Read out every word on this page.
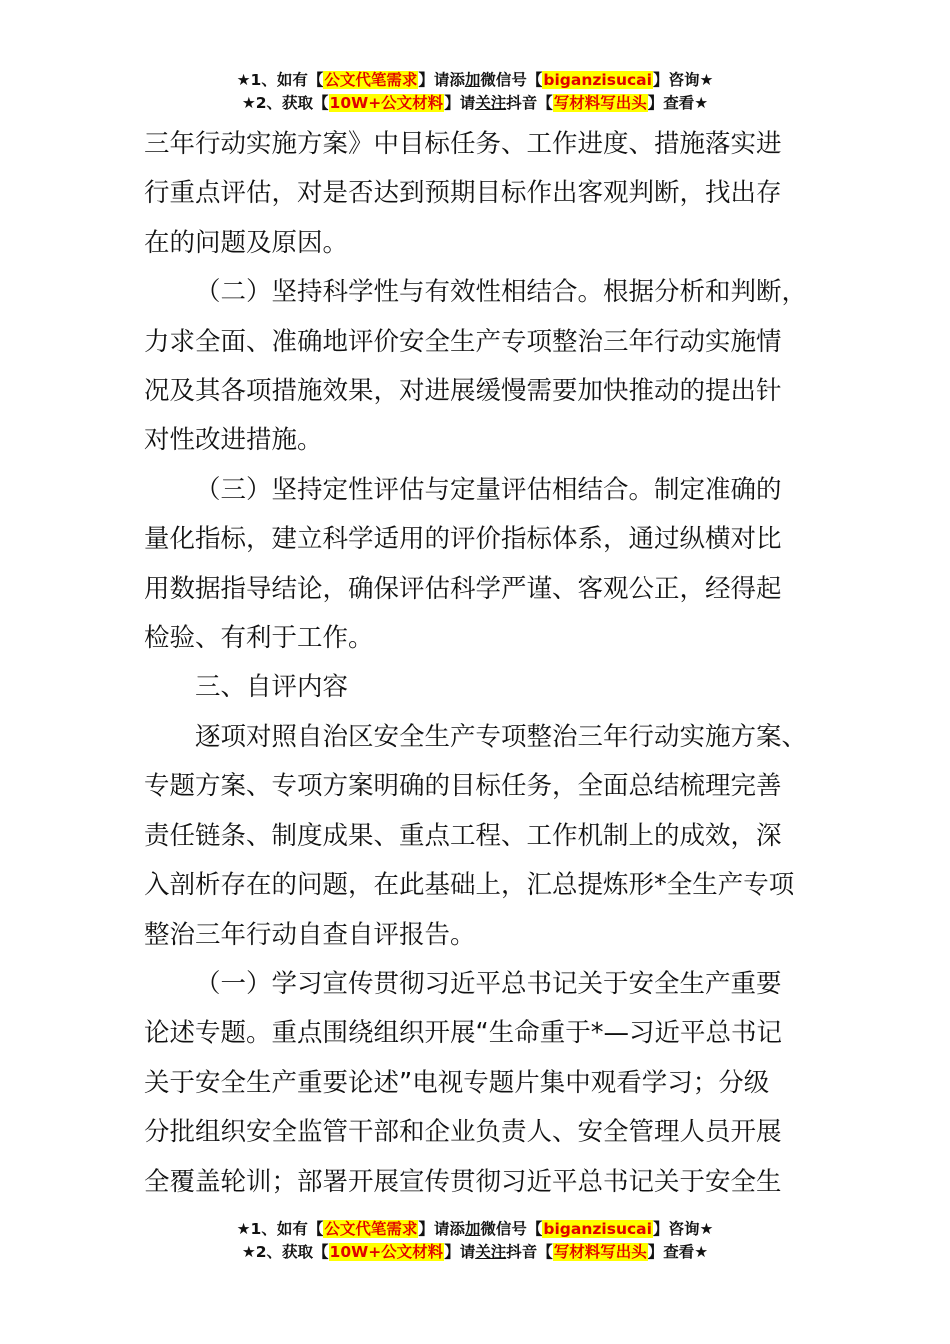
★1、如有【公文代笔需求】请添加微信号【biganzisucai】咨询★
★2、获取【10W+公文材料】请关注抖音【写材料写出头】查看★

三年行动实施方案》中目标任务、工作进度、措施落实进

行重点评估，对是否达到预期目标作出客观判断，找出存

在的问题及原因。

（二）坚持科学性与有效性相结合。根据分析和判断，

力求全面、准确地评价安全生产专项整治三年行动实施情

况及其各项措施效果，对进展缓慢需要加快推动的提出针

对性改进措施。

（三）坚持定性评估与定量评估相结合。制定准确的

量化指标，建立科学适用的评价指标体系，通过纵横对比

用数据指导结论，确保评估科学严谨、客观公正，经得起

检验、有利于工作。

三、自评内容

逐项对照自治区安全生产专项整治三年行动实施方案、

专题方案、专项方案明确的目标任务，全面总结梳理完善

责任链条、制度成果、重点工程、工作机制上的成效，深

入剖析存在的问题，在此基础上，汇总提炼形*全生产专项

整治三年行动自查自评报告。

（一）学习宣传贯彻习近平总书记关于安全生产重要

论述专题。重点围绕组织开展“生命重于*—习近平总书记

关于安全生产重要论述”电视专题片集中观看学习；分级

分批组织安全监管干部和企业负责人、安全管理人员开展

全覆盖轮训；部署开展宣传贯彻习近平总书记关于安全生

★1、如有【公文代笔需求】请添加微信号【biganzisucai】咨询★
★2、获取【10W+公文材料】请关注抖音【写材料写出头】查看★
